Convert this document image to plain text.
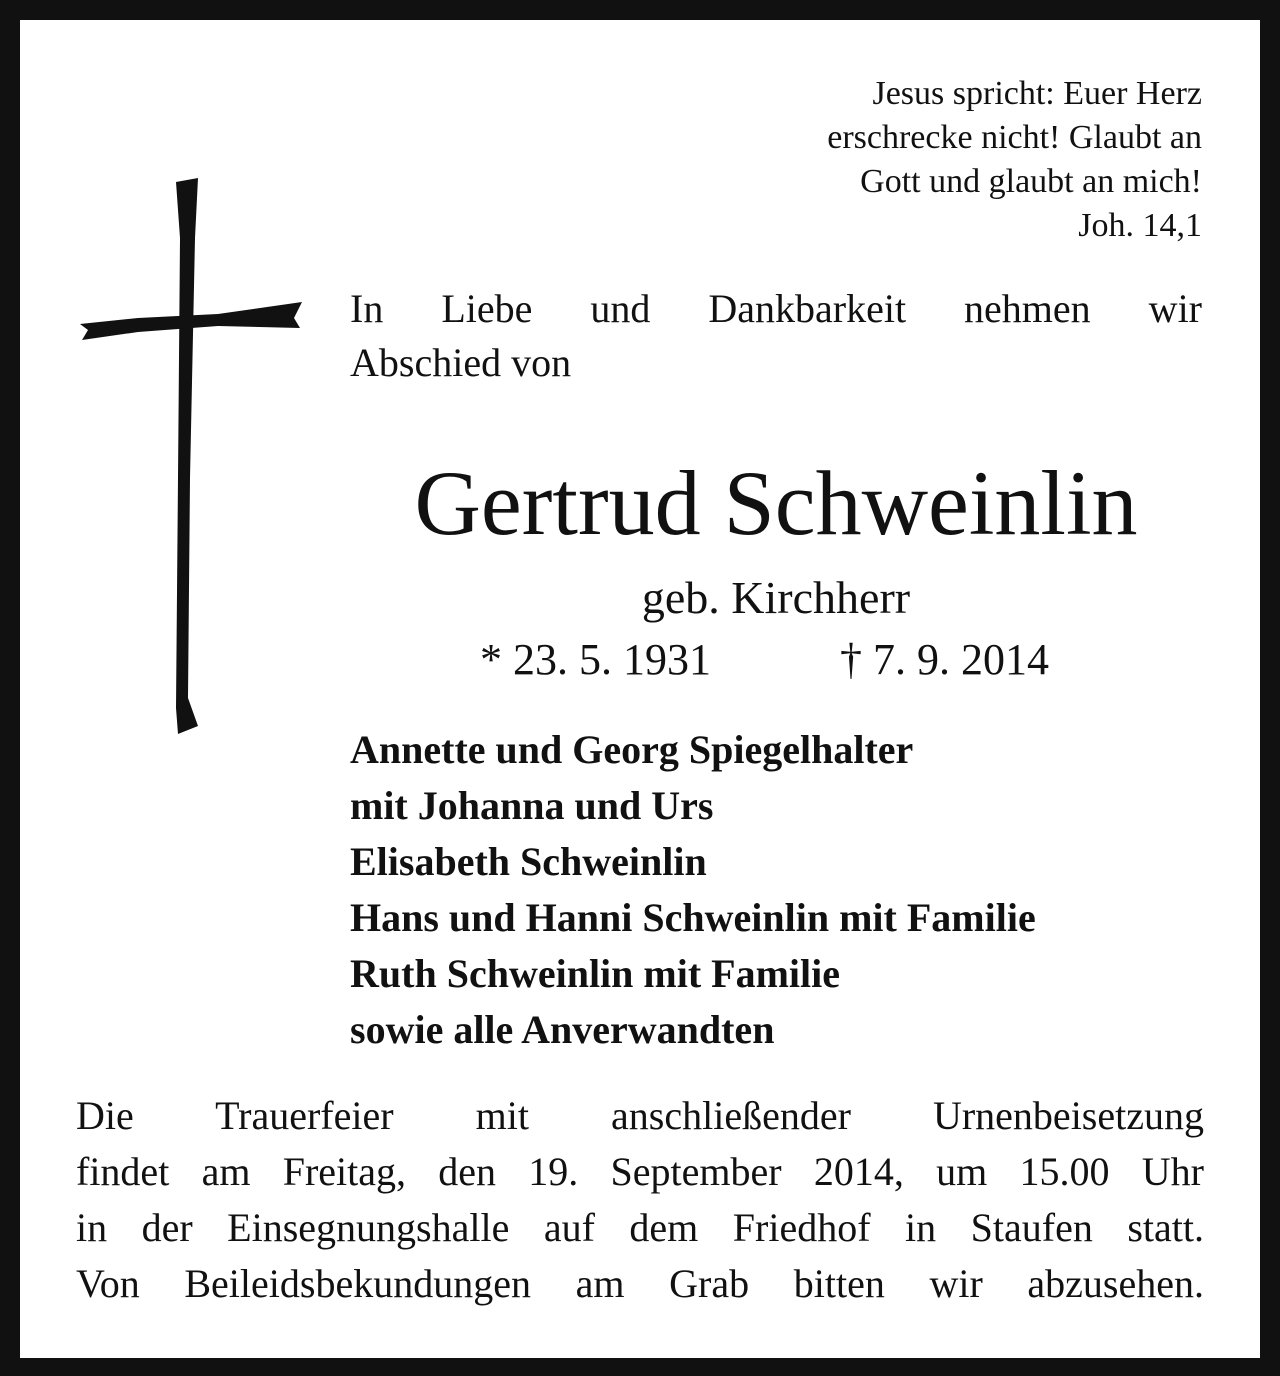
Jesus spricht: Euer Herz
erschrecke nicht! Glaubt an
Gott und glaubt an mich!
Joh. 14,1
In Liebe und Dankbarkeit nehmen wir
Abschied von
Gertrud Schweinlin
geb. Kirchherr
* 23. 5. 1931	† 7. 9. 2014
Annette und Georg Spiegelhalter
mit Johanna und Urs
Elisabeth Schweinlin
Hans und Hanni Schweinlin mit Familie
Ruth Schweinlin mit Familie
sowie alle Anverwandten
Die Trauerfeier mit anschließender Urnenbeisetzung
findet am Freitag, den 19. September 2014, um 15.00 Uhr
in der Einsegnungshalle auf dem Friedhof in Staufen statt.
Von Beileidsbekundungen am Grab bitten wir abzusehen.
